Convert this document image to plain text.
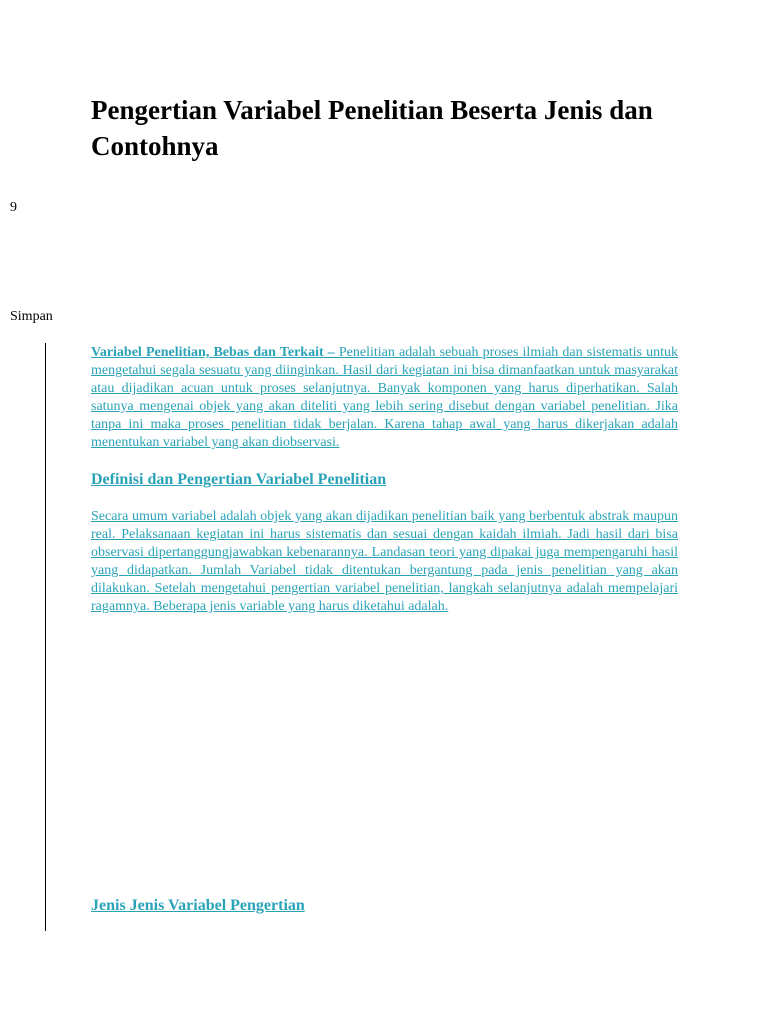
Pengertian Variabel Penelitian Beserta Jenis dan Contohnya
9
Simpan

Variabel Penelitian, Bebas dan Terkait – Penelitian adalah sebuah proses ilmiah dan sistematis untuk mengetahui segala sesuatu yang diinginkan. Hasil dari kegiatan ini bisa dimanfaatkan untuk masyarakat atau dijadikan acuan untuk proses selanjutnya. Banyak komponen yang harus diperhatikan. Salah satunya mengenai objek yang akan diteliti yang lebih sering disebut dengan variabel penelitian. Jika tanpa ini maka proses penelitian tidak berjalan. Karena tahap awal yang harus dikerjakan adalah menentukan variabel yang akan diobservasi.

Definisi dan Pengertian Variabel Penelitian

Secara umum variabel adalah objek yang akan dijadikan penelitian baik yang berbentuk abstrak maupun real. Pelaksanaan kegiatan ini harus sistematis dan sesuai dengan kaidah ilmiah. Jadi hasil dari bisa observasi dipertanggungjawabkan kebenarannya. Landasan teori yang dipakai juga mempengaruhi hasil yang didapatkan. Jumlah Variabel tidak ditentukan bergantung pada jenis penelitian yang akan dilakukan. Setelah mengetahui pengertian variabel penelitian, langkah selanjutnya adalah mempelajari ragamnya. Beberapa jenis variable yang harus diketahui adalah.

Jenis Jenis Variabel Pengertian
